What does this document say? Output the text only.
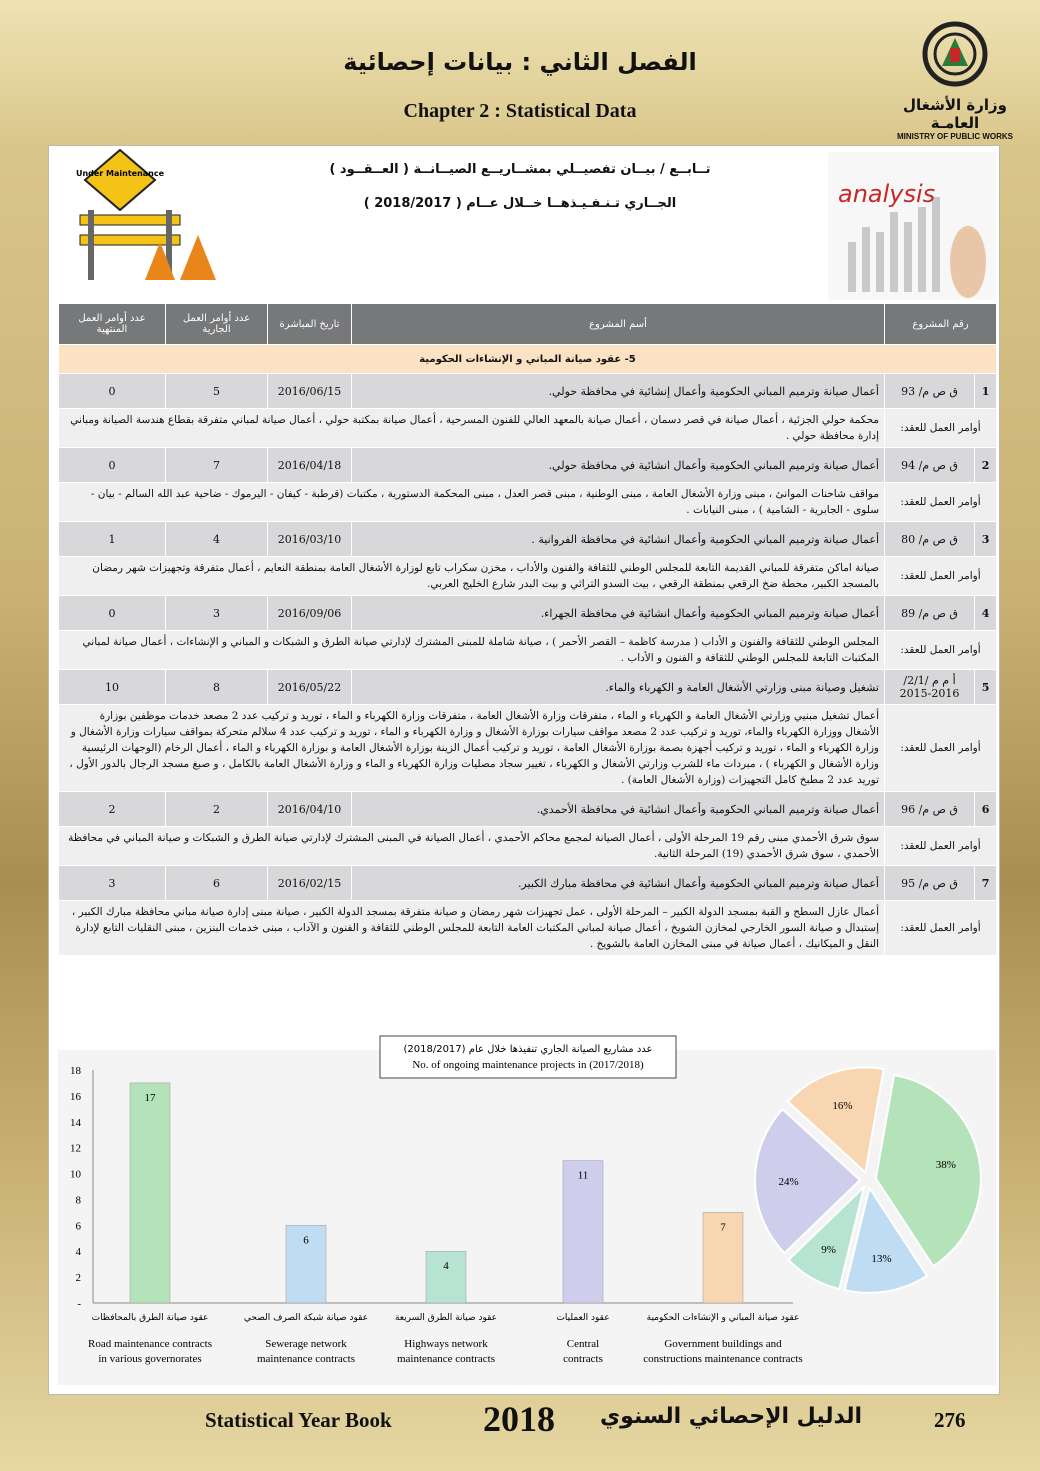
الفصل الثاني : بيانات إحصائية
Chapter 2 : Statistical Data	وزارة الأشغال العامـة
MINISTRY OF PUBLIC WORKS
Under Maintenance
analysis
تــابــع / بيــان تفصيــلي بمشــاريــع الصيــانــة ( العــقــود )
الجــاري تـنـفـيـذهــا خــلال عــام ( 2018/2017 )
رقم المشروع		أسم المشروع	تاريخ المباشرة	عدد أوامر العمل الجارية	عدد أوامر العمل المنتهية
5- عقود صيانة المباني و الإنشاءات الحكومية					
1	ق ص م/ 93	أعمال صيانة وترميم المباني الحكومية وأعمال إنشائية في محافظة حولي.	2016/06/15	5	0
أوامر العمل للعقد:		محكمة حولي الجزئية ، أعمال صيانة في قصر دسمان ، أعمال صيانة بالمعهد العالي للفنون المسرحية ، أعمال صيانة بمكتبة حولي ، أعمال صيانة لمباني متفرقة بقطاع هندسة الصيانة ومباني إدارة محافظة حولي .			
2	ق ص م/ 94	أعمال صيانة وترميم المباني الحكومية وأعمال انشائية في محافظة حولي.	2016/04/18	7	0
أوامر العمل للعقد:		مواقف شاحنات الموانئ ، مبنى وزارة الأشغال العامة ، مبنى الوطنية ، مبنى قصر العدل ، مبنى المحكمة الدستورية ، مكتبات (قرطبة - كيفان - اليرموك - ضاحية عبد الله السالم - بيان - سلوى - الجابرية - الشامية ) ، مبنى النيابات .			
3	ق ص م/ 80	أعمال صيانة وترميم المباني الحكومية وأعمال انشائية في محافظة الفروانية .	2016/03/10	4	1
أوامر العمل للعقد:		صيانة اماكن متفرقة للمباني القديمة التابعة للمجلس الوطني للثقافة والفنون والأداب ، مخزن سكراب تابع لوزارة الأشغال العامة بمنطقة النعايم ، أعمال متفرقة وتجهيزات شهر رمضان بالمسجد الكبير، محطة ضخ الرقعي بمنطقة الرقعي ، بيت السدو التراثي و بيت البدر شارع الخليج العربي.			
4	ق ص م/ 89	أعمال صيانة وترميم المباني الحكومية وأعمال انشائية في محافظة الجهراء.	2016/09/06	3	0
أوامر العمل للعقد:		المجلس الوطني للثقافة والفنون و الأداب ( مدرسة كاظمة – القصر الأحمر ) ، صيانة شاملة للمبنى المشترك لإدارتي صيانة الطرق و الشبكات و المباني و الإنشاءات ، أعمال صيانة لمباني المكتبات التابعة للمجلس الوطني للثقافة و الفنون و الأداب .			
5	أ م م /2/1/ 2016-2015	تشغيل وصيانة مبنى وزارتي الأشغال العامة و الكهرباء والماء.	2016/05/22	8	10
أوامر العمل للعقد:		أعمال تشغيل مبنيي وزارتي الأشغال العامة و الكهرباء و الماء ، متفرقات وزارة الأشغال العامة ، متفرقات وزارة الكهرباء و الماء ، توريد و تركيب عدد 2 مصعد خدمات موظفين بوزارة الأشغال ووزارة الكهرباء والماء، توريد و تركيب عدد 2 مصعد مواقف سيارات بوزارة الأشغال و وزارة الكهرباء و الماء ، توريد و تركيب عدد 4 سلالم متحركة بمواقف سيارات وزارة الأشغال و وزارة الكهرباء و الماء ، توريد و تركيب أجهزة بصمة بوزارة الأشغال العامة ، توريد و تركيب أعمال الزينة بوزارة الأشغال العامة و بوزارة الكهرباء و الماء ، أعمال الرخام (الوجهات الرئيسية وزارة الأشغال و الكهرباء ) ، مبردات ماء للشرب وزارتي الأشغال و الكهرباء ، تغيير سجاد مصليات وزارة الكهرباء و الماء و وزارة الأشغال العامة بالكامل ، و صبغ مسجد الرجال بالدور الأول ، توريد عدد 2 مطبخ كامل التجهيزات (وزارة الأشغال العامة) .			
6	ق ص م/ 96	أعمال صيانة وترميم المباني الحكومية وأعمال انشائية في محافظة الأحمدي.	2016/04/10	2	2
أوامر العمل للعقد:		سوق شرق الأحمدي مبنى رقم 19 المرحلة الأولى ، أعمال الصيانة لمجمع محاكم الأحمدي ، أعمال الصيانة في المبنى المشترك لإدارتي صيانة الطرق و الشبكات و صيانة المباني في محافظة الأحمدي ، سوق شرق الأحمدي (19) المرحلة الثانية.			
7	ق ص م/ 95	أعمال صيانة وترميم المباني الحكومية وأعمال انشائية في محافظة مبارك الكبير.	2016/02/15	6	3
أوامر العمل للعقد:		أعمال عازل السطح و القبة بمسجد الدولة الكبير – المرحلة الأولى ، عمل تجهيزات شهر رمضان و صيانة متفرقة بمسجد الدولة الكبير ، صيانة مبنى إدارة صيانة مباني محافظة مبارك الكبير ، إستبدال و صيانة السور الخارجي لمخازن الشويخ ، أعمال صيانة لمباني المكتبات العامة التابعة للمجلس الوطني للثقافة و الفنون و الآداب ، مبنى خدمات البنزين ، مبنى النقليات التابع لإدارة النقل و الميكانيك ، أعمال صيانة في مبنى المخازن العامة بالشويخ .			
عدد مشاريع الصيانة الجاري تنفيذها خلال عام (2018/2017)
No. of ongoing maintenance projects in (2017/2018)
-
2
4
6
8
10
12
14
16
18
17
عقود صيانة الطرق بالمحافظات
Road maintenance contracts
in various governorates
6
عقود صيانة شبكة الصرف الصحي
Sewerage network
maintenance contracts
4
عقود صيانة الطرق السريعة
Highways network
maintenance contracts
11
عقود العمليات
Central
contracts
7
عقود صيانة المباني و الإنشاءات الحكومية
Government buildings and
constructions maintenance contracts
38%
13%
9%
24%
16%
Statistical Year Book	2018 الدليل الإحصائي السنوي	276
